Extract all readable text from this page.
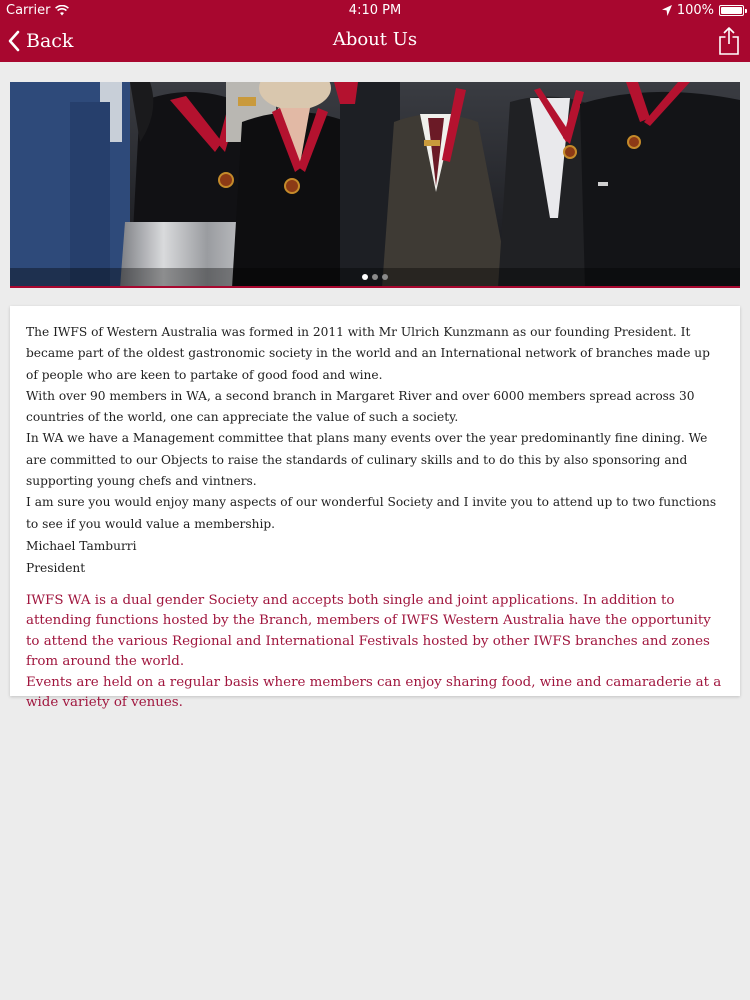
Carrier	4:10 PM	100%
Back	About Us

The IWFS of Western Australia was formed in 2011 with Mr Ulrich Kunzmann as our founding President. It became part of the oldest gastronomic society in the world and an International network of branches made up of people who are keen to partake of good food and wine.

With over 90 members in WA, a second branch in Margaret River and over 6000 members spread across 30 countries of the world, one can appreciate the value of such a society.

In WA we have a Management committee that plans many events over the year predominantly fine dining. We are committed to our Objects to raise the standards of culinary skills and to do this by also sponsoring and supporting young chefs and vintners.

I am sure you would enjoy many aspects of our wonderful Society and I invite you to attend up to two functions to see if you would value a membership.

Michael Tamburri

President

IWFS WA is a dual gender Society and accepts both single and joint applications. In addition to attending functions hosted by the Branch, members of IWFS Western Australia have the opportunity to attend the various Regional and International Festivals hosted by other IWFS branches and zones from around the world.

Events are held on a regular basis where members can enjoy sharing food, wine and camaraderie at a wide variety of venues.
